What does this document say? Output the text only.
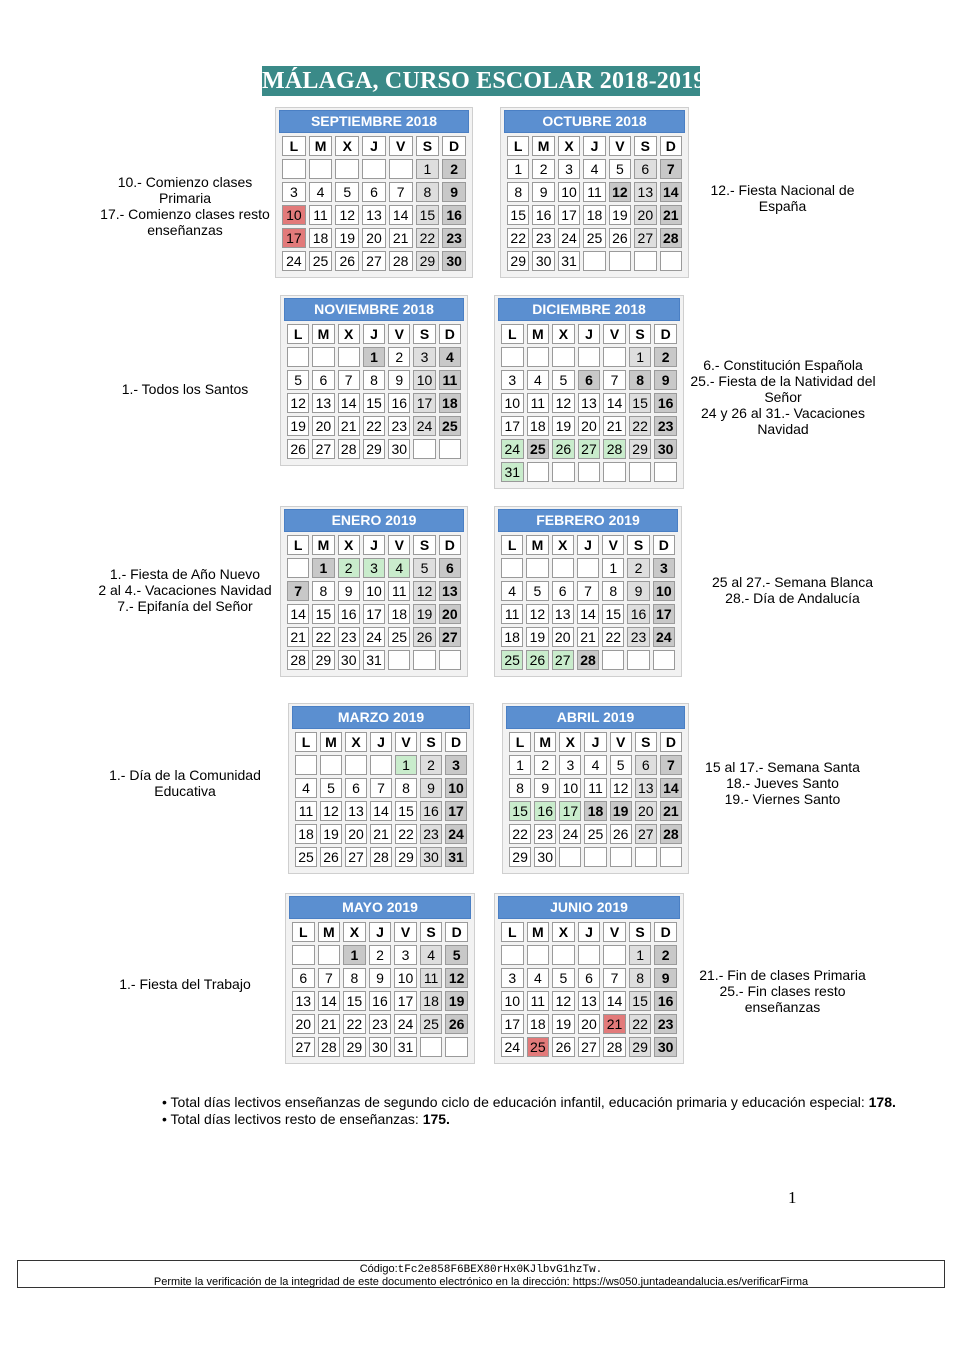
MÁLAGA, CURSO ESCOLAR 2018-2019
SEPTIEMBRE 2018
L	M	X	J	V	S	D
					1	2
3	4	5	6	7	8	9
10	11	12	13	14	15	16
17	18	19	20	21	22	23
24	25	26	27	28	29	30
OCTUBRE 2018
L	M	X	J	V	S	D
1	2	3	4	5	6	7
8	9	10	11	12	13	14
15	16	17	18	19	20	21
22	23	24	25	26	27	28
29	30	31				
NOVIEMBRE 2018
L	M	X	J	V	S	D
			1	2	3	4
5	6	7	8	9	10	11
12	13	14	15	16	17	18
19	20	21	22	23	24	25
26	27	28	29	30		
DICIEMBRE 2018
L	M	X	J	V	S	D
					1	2
3	4	5	6	7	8	9
10	11	12	13	14	15	16
17	18	19	20	21	22	23
24	25	26	27	28	29	30
31						
ENERO 2019
L	M	X	J	V	S	D
	1	2	3	4	5	6
7	8	9	10	11	12	13
14	15	16	17	18	19	20
21	22	23	24	25	26	27
28	29	30	31			
FEBRERO 2019
L	M	X	J	V	S	D
				1	2	3
4	5	6	7	8	9	10
11	12	13	14	15	16	17
18	19	20	21	22	23	24
25	26	27	28			
MARZO 2019
L	M	X	J	V	S	D
				1	2	3
4	5	6	7	8	9	10
11	12	13	14	15	16	17
18	19	20	21	22	23	24
25	26	27	28	29	30	31
ABRIL 2019
L	M	X	J	V	S	D
1	2	3	4	5	6	7
8	9	10	11	12	13	14
15	16	17	18	19	20	21
22	23	24	25	26	27	28
29	30					
MAYO 2019
L	M	X	J	V	S	D
		1	2	3	4	5
6	7	8	9	10	11	12
13	14	15	16	17	18	19
20	21	22	23	24	25	26
27	28	29	30	31		
JUNIO 2019
L	M	X	J	V	S	D
					1	2
3	4	5	6	7	8	9
10	11	12	13	14	15	16
17	18	19	20	21	22	23
24	25	26	27	28	29	30
10.- Comienzo clases
Primaria
17.- Comienzo clases resto
enseñanzas
12.- Fiesta Nacional de
España
1.- Todos los Santos
6.- Constitución Española
25.- Fiesta de la Natividad del
Señor
24 y 26 al 31.- Vacaciones
Navidad
1.- Fiesta de Año Nuevo
2 al 4.- Vacaciones Navidad
7.- Epifanía del Señor
25 al 27.- Semana Blanca
28.- Día de Andalucía
1.- Día de la Comunidad
Educativa
15 al 17.- Semana Santa
18.- Jueves Santo
19.- Viernes Santo
1.- Fiesta del Trabajo
21.- Fin de clases Primaria
25.- Fin clases resto
enseñanzas
• Total días lectivos enseñanzas de segundo ciclo de educación infantil, educación primaria y educación especial: 178.
• Total días lectivos resto de enseñanzas: 175.
1
Código:tFc2e858F6BEX80rHx0KJlbvG1hzTw.
Permite la verificación de la integridad de este documento electrónico en la dirección: https://ws050.juntadeandalucia.es/verificarFirma
